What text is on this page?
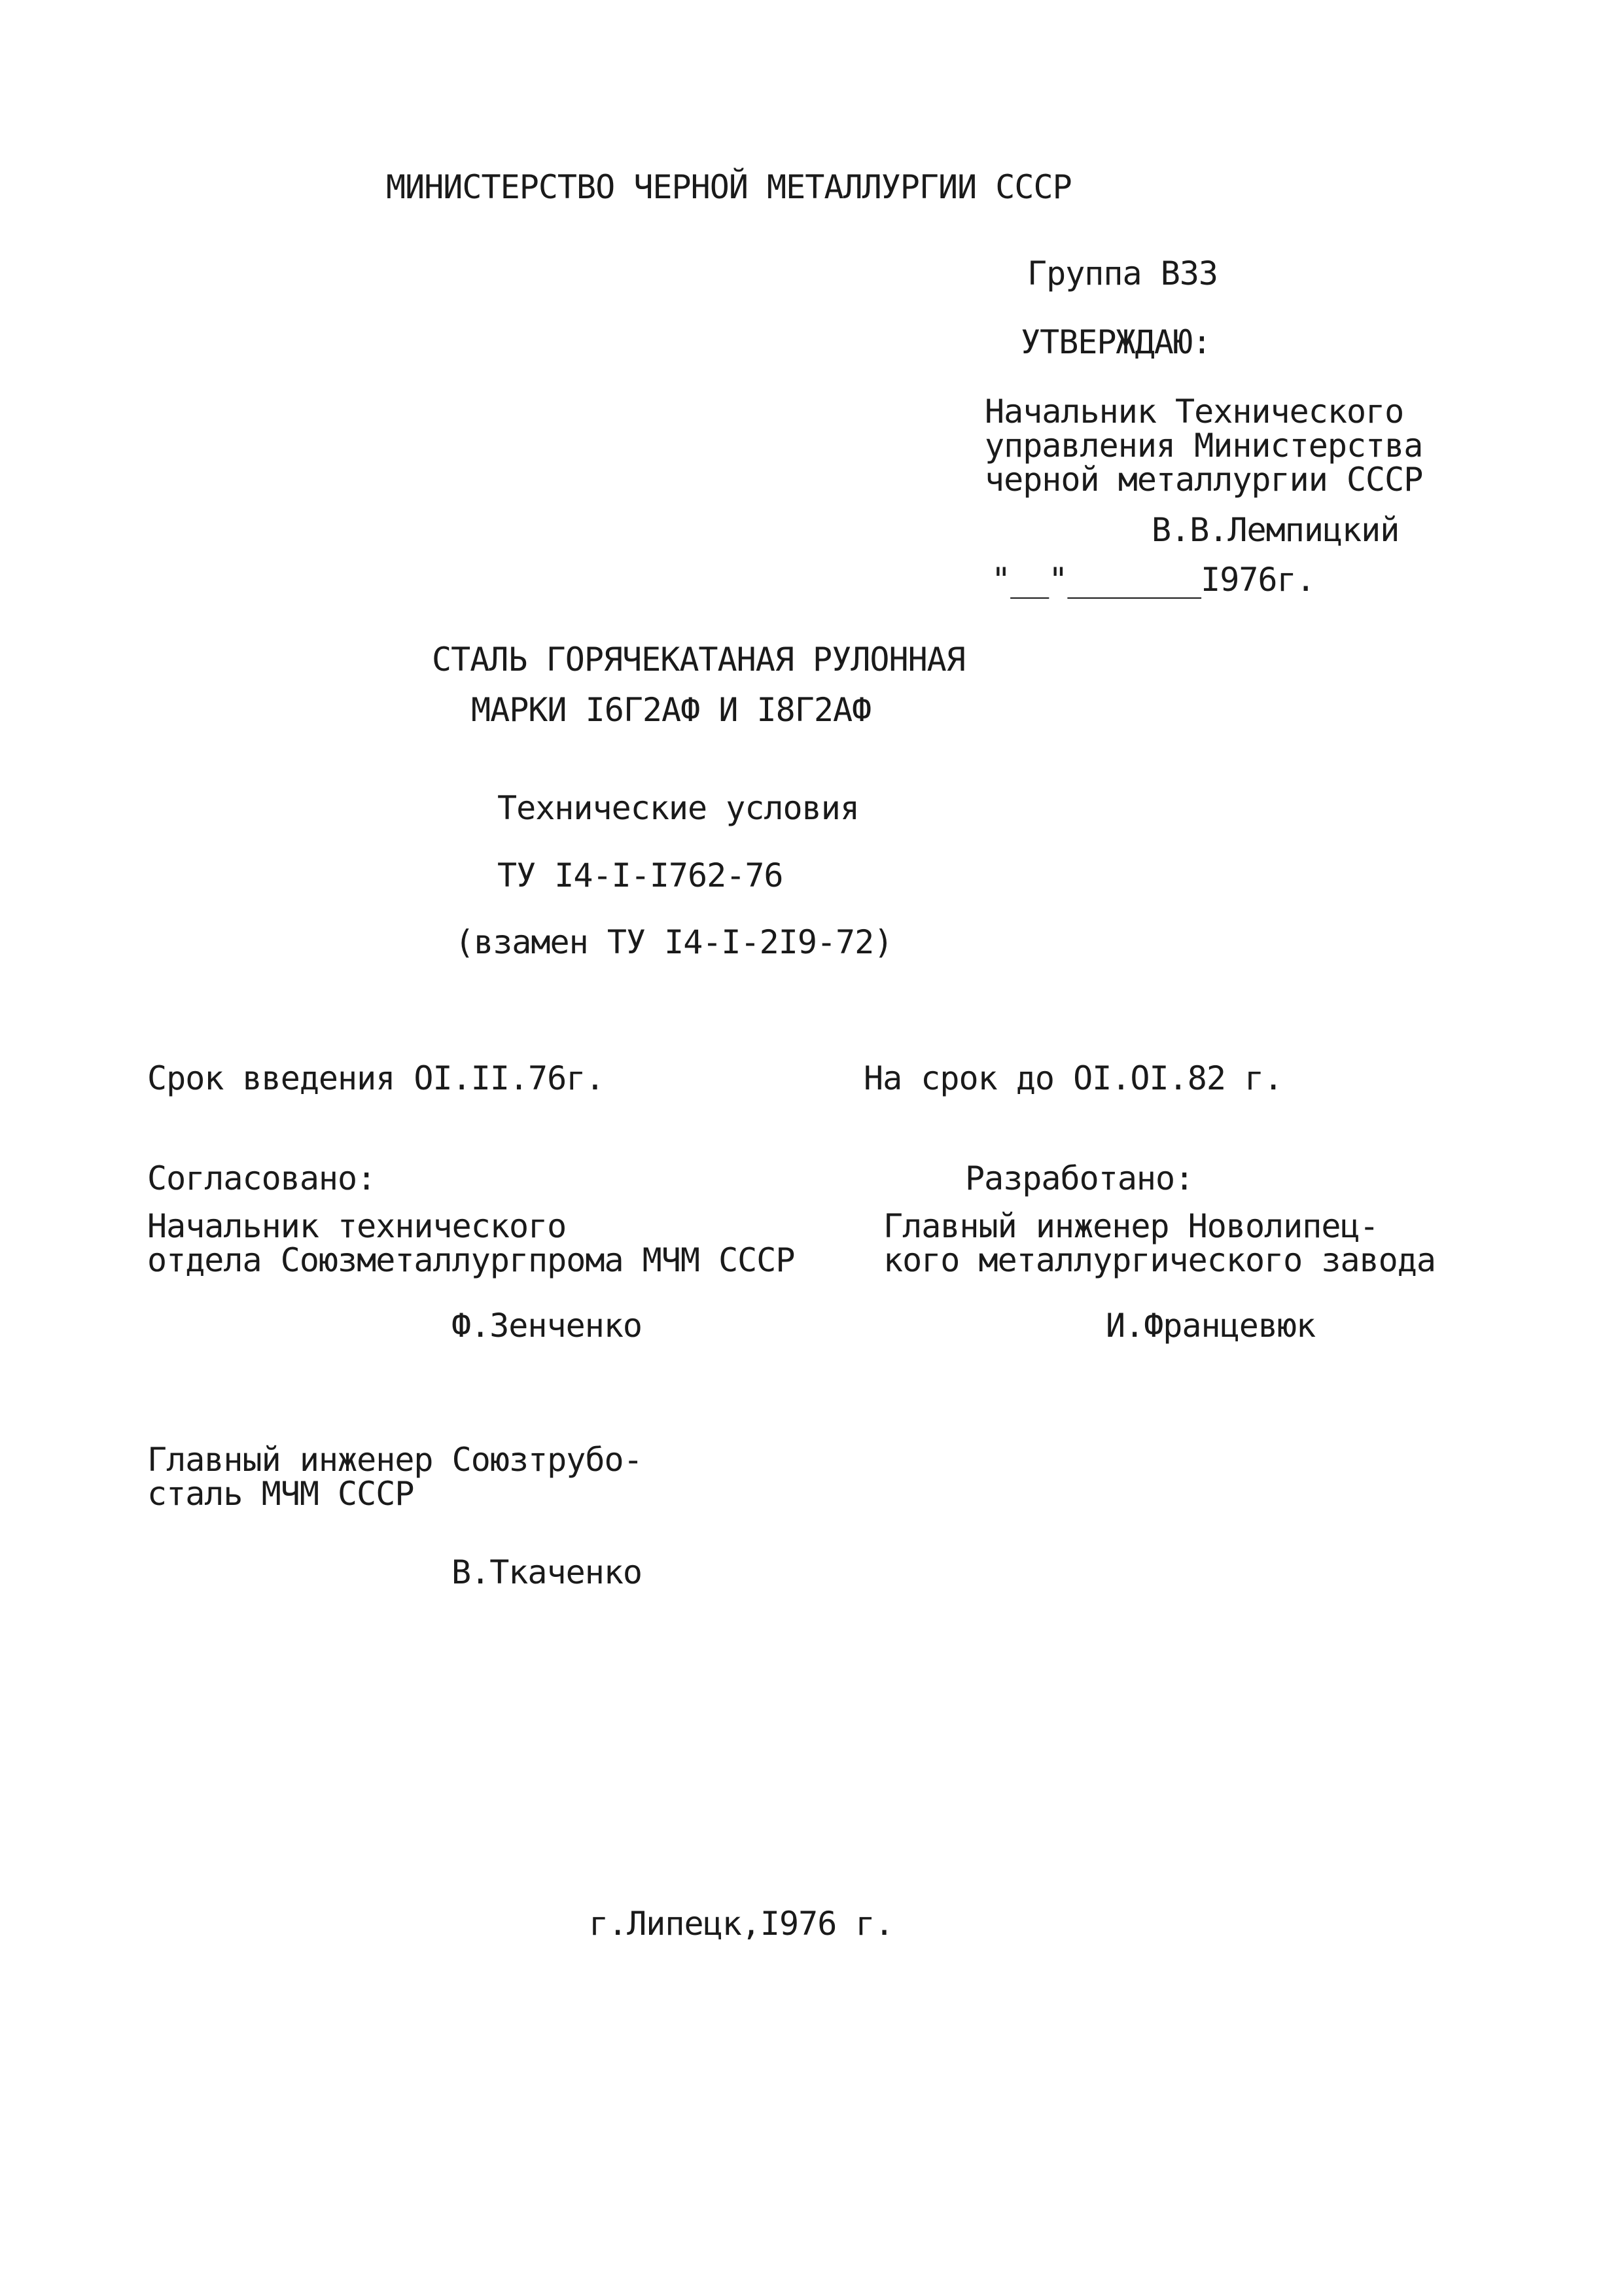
МИНИСТЕРСТВО ЧЕРНОЙ МЕТАЛЛУРГИИ СССР
Группа В33
УТВЕРЖДАЮ:
Начальник Технического
управления Министерства
черной металлургии СССР
В.В.Лемпицкий
"__"_______I976г.
СТАЛЬ ГОРЯЧЕКАТАНАЯ РУЛОННАЯ
МАРКИ I6Г2АФ И I8Г2АФ
Технические условия
ТУ I4-I-I762-76
(взамен ТУ I4-I-2I9-72)
Срок введения OI.II.76г.	На срок до OI.OI.82 г.
Согласовано:
Начальник технического
отдела Союзметаллургпрома МЧМ СССР
Ф.Зенченко
Разработано:
Главный инженер Новолипец-
кого металлургического завода
И.Францевюк
Главный инженер Союзтрубо-
сталь МЧМ СССР
В.Ткаченко
г.Липецк,I976 г.
